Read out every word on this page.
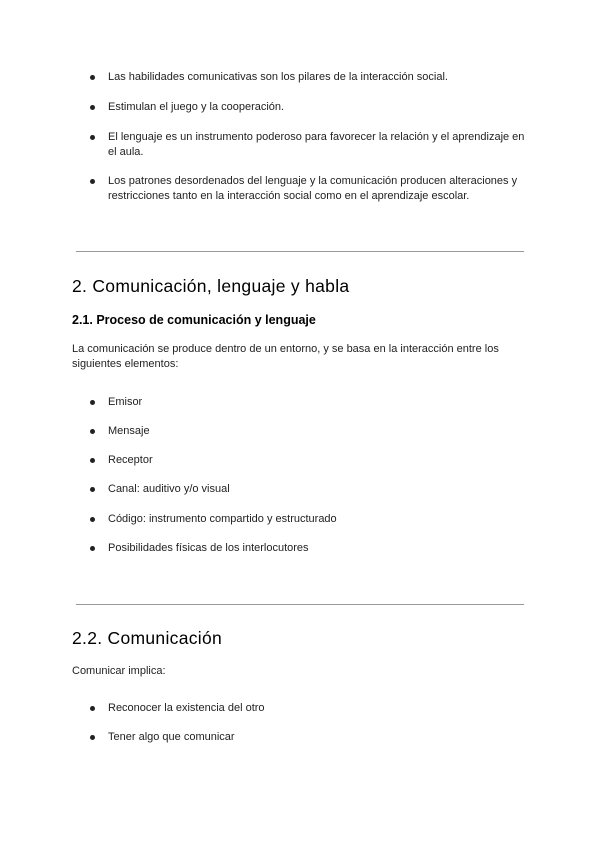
Las habilidades comunicativas son los pilares de la interacción social.
Estimulan el juego y la cooperación.
El lenguaje es un instrumento poderoso para favorecer la relación y el aprendizaje en el aula.
Los patrones desordenados del lenguaje y la comunicación producen alteraciones y restricciones tanto en la interacción social como en el aprendizaje escolar.
2. Comunicación, lenguaje y habla
2.1. Proceso de comunicación y lenguaje

La comunicación se produce dentro de un entorno, y se basa en la interacción entre los siguientes elementos:

Emisor
Mensaje
Receptor
Canal: auditivo y/o visual
Código: instrumento compartido y estructurado
Posibilidades físicas de los interlocutores
2.2. Comunicación

Comunicar implica:

Reconocer la existencia del otro
Tener algo que comunicar
